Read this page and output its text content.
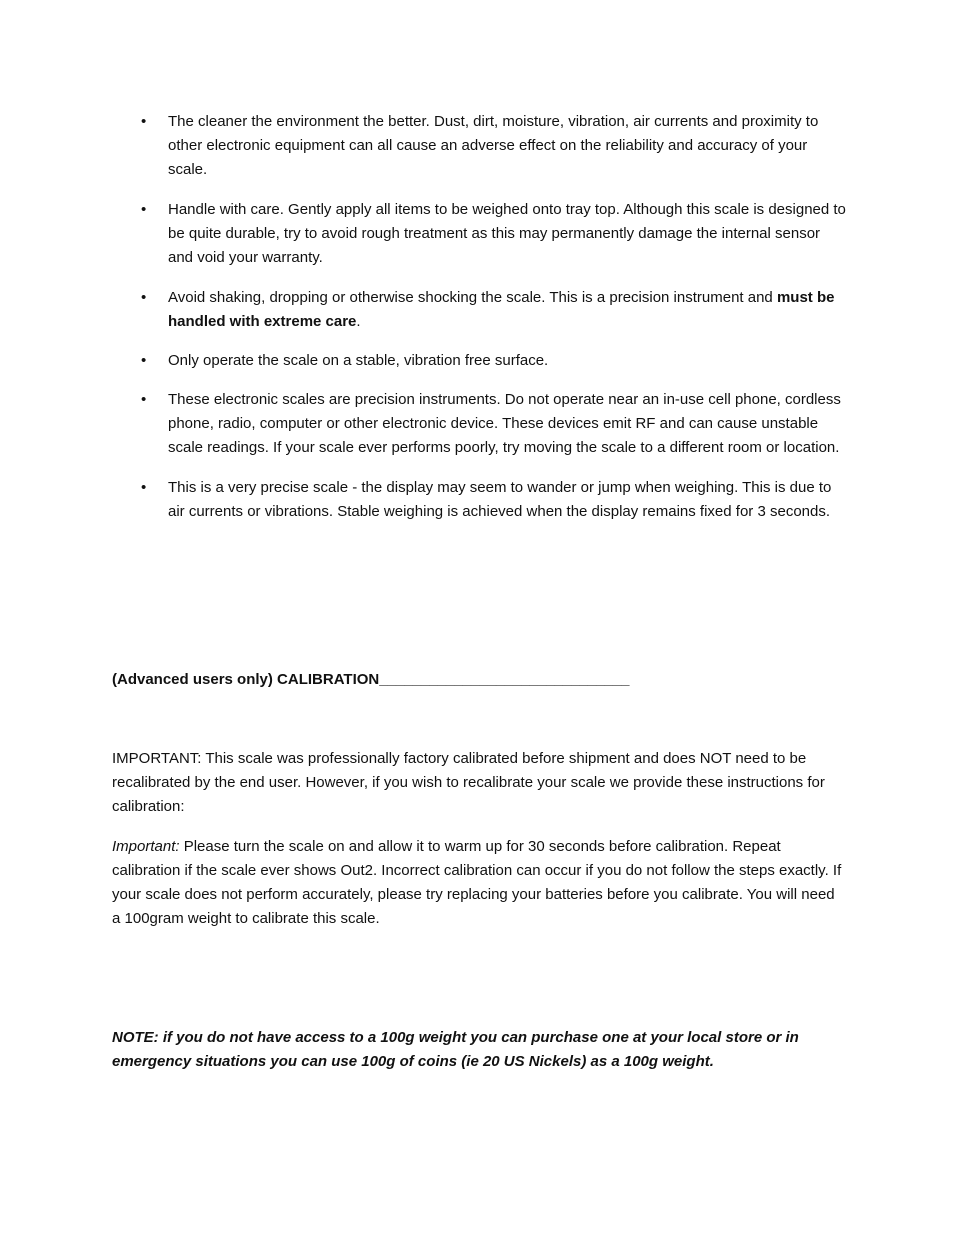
• The cleaner the environment the better. Dust, dirt, moisture, vibration, air currents and proximity to other electronic equipment can all cause an adverse effect on the reliability and accuracy of your scale.
• Handle with care. Gently apply all items to be weighed onto tray top. Although this scale is designed to be quite durable, try to avoid rough treatment as this may permanently damage the internal sensor and void your warranty.
• Avoid shaking, dropping or otherwise shocking the scale. This is a precision instrument and must be handled with extreme care.
• Only operate the scale on a stable, vibration free surface.
• These electronic scales are precision instruments. Do not operate near an in-use cell phone, cordless phone, radio, computer or other electronic device. These devices emit RF and can cause unstable scale readings. If your scale ever performs poorly, try moving the scale to a different room or location.
• This is a very precise scale - the display may seem to wander or jump when weighing. This is due to air currents or vibrations. Stable weighing is achieved when the display remains fixed for 3 seconds.
(Advanced users only) CALIBRATION______________________________

IMPORTANT: This scale was professionally factory calibrated before shipment and does NOT need to be recalibrated by the end user. However, if you wish to recalibrate your scale we provide these instructions for calibration:

Important: Please turn the scale on and allow it to warm up for 30 seconds before calibration. Repeat calibration if the scale ever shows Out2. Incorrect calibration can occur if you do not follow the steps exactly. If your scale does not perform accurately, please try replacing your batteries before you calibrate. You will need a 100gram weight to calibrate this scale.

NOTE: if you do not have access to a 100g weight you can purchase one at your local store or in emergency situations you can use 100g of coins (ie 20 US Nickels) as a 100g weight.
